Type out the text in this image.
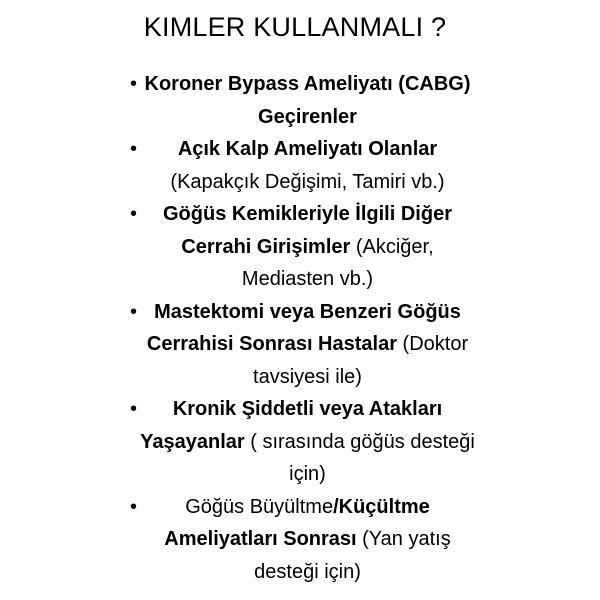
KIMLER KULLANMALI ?
• Koroner Bypass Ameliyatı (CABG) Geçirenler
• Açık Kalp Ameliyatı Olanlar (Kapakçık Değişimi, Tamiri vb.)
• Göğüs Kemikleriyle İlgili Diğer Cerrahi Girişimler (Akciğer, Mediasten vb.)
• Mastektomi veya Benzeri Göğüs Cerrahisi Sonrası Hastalar (Doktor tavsiyesi ile)
• Kronik Şiddetli veya Atakları Yaşayanlar ( sırasında göğüs desteği için)
• Göğüs Büyültme/Küçültme Ameliyatları Sonrası (Yan yatış desteği için)
